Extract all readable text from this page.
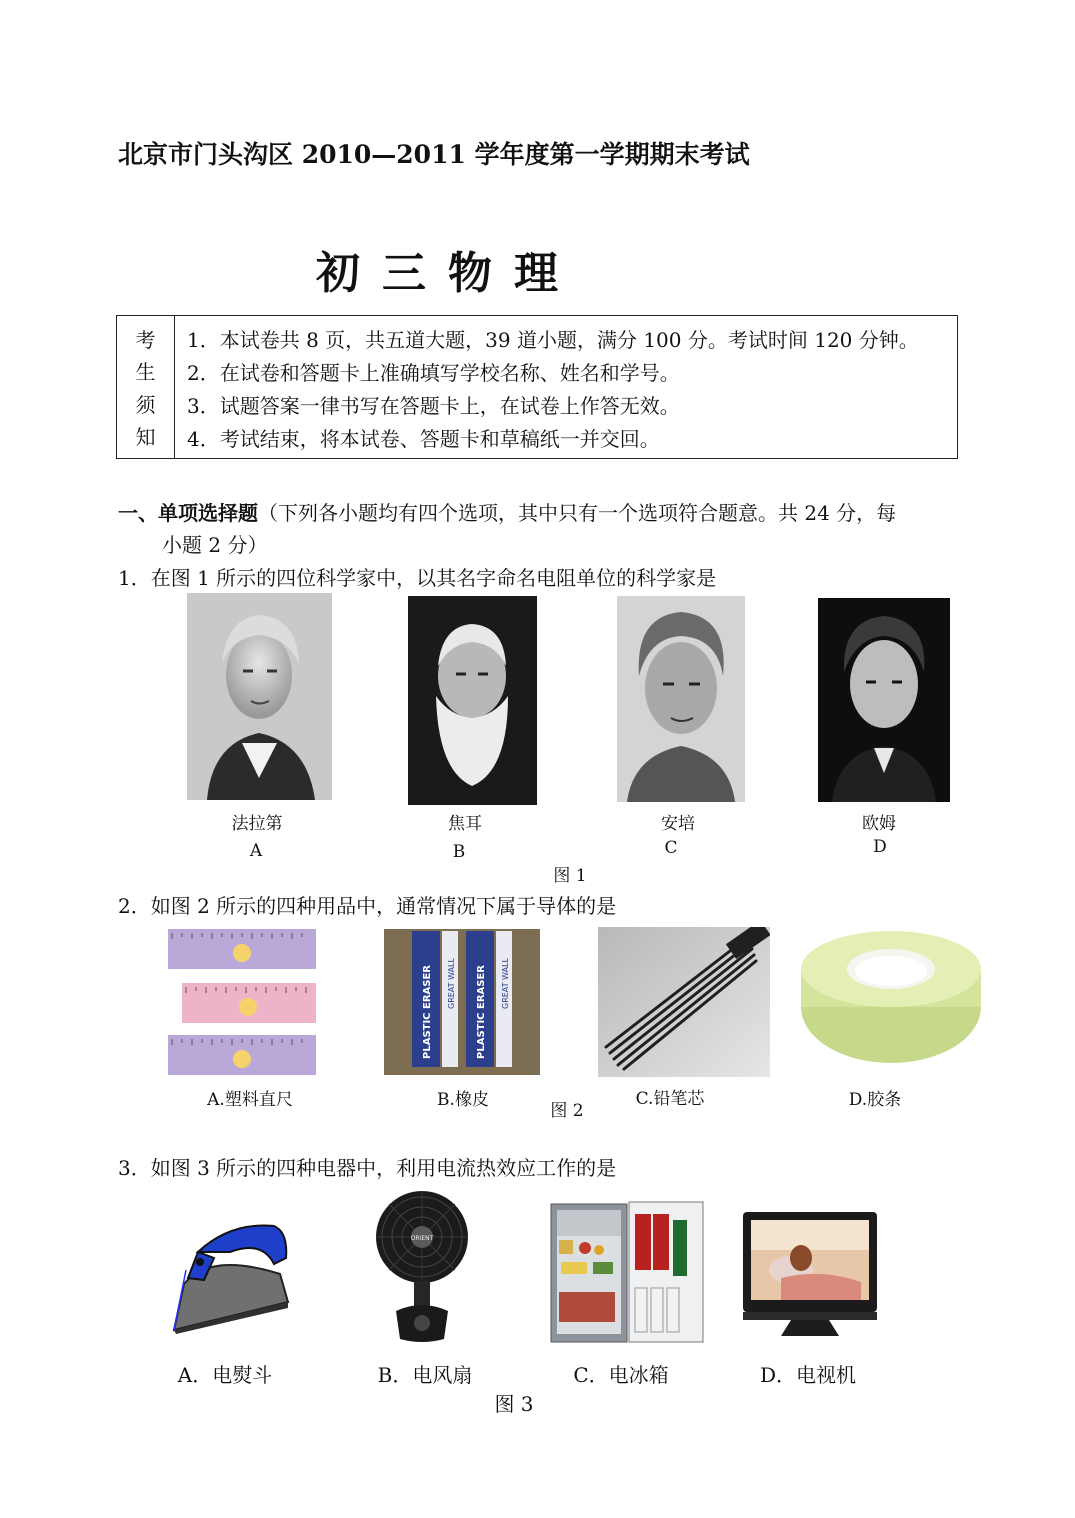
北京市门头沟区 2010—2011 学年度第一学期期末考试
初三物理
考
生
须
知
1．本试卷共 8 页，共五道大题，39 道小题，满分 100 分。考试时间 120 分钟。
2．在试卷和答题卡上准确填写学校名称、姓名和学号。
3．试题答案一律书写在答题卡上，在试卷上作答无效。
4．考试结束，将本试卷、答题卡和草稿纸一并交回。
一、单项选择题（下列各小题均有四个选项，其中只有一个选项符合题意。共 24 分，每
小题 2 分）
1．在图 1 所示的四位科学家中，以其名字命名电阻单位的科学家是
法拉第	焦耳	安培	欧姆
A	B	C	D
图 1
2．如图 2 所示的四种用品中，通常情况下属于导体的是
PLASTIC ERASER	PLASTIC ERASER
GREAT WALL	GREAT WALL
A.塑料直尺	B.橡皮	C.铅笔芯	D.胶条
图 2
3．如图 3 所示的四种电器中，利用电流热效应工作的是
ORIENT
A．电熨斗	B．电风扇	C．电冰箱	D．电视机
图 3
